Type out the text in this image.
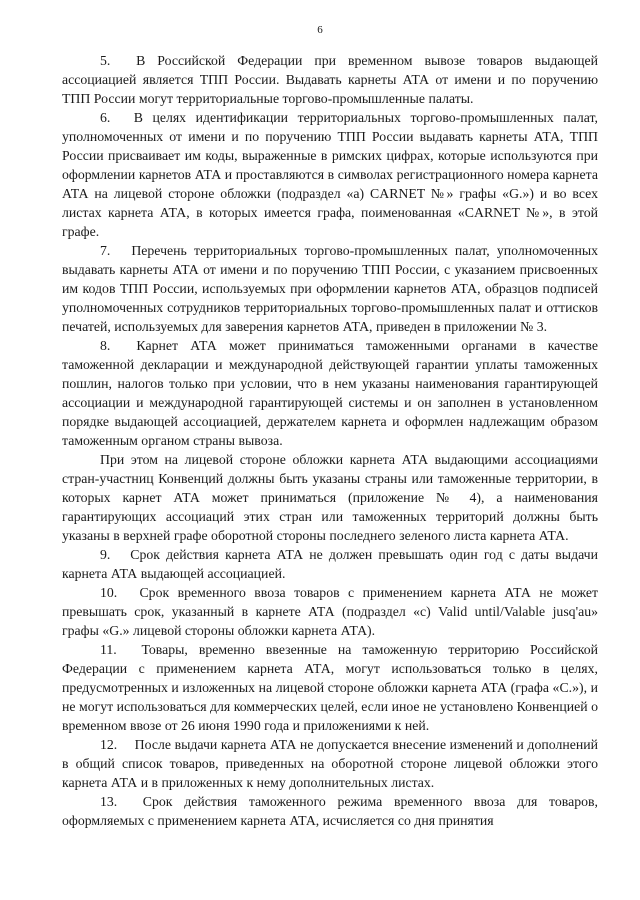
6

5.  В Российской Федерации при временном вывозе товаров выдающей ассоциацией является ТПП России. Выдавать карнеты АТА от имени и по поручению ТПП России могут территориальные торгово-промышленные палаты.

6.  В целях идентификации территориальных торгово-промышленных палат, уполномоченных от имени и по поручению ТПП России выдавать карнеты АТА, ТПП России присваивает им коды, выраженные в римских цифрах, которые используются при оформлении карнетов АТА и проставляются в символах регистрационного номера карнета АТА на лицевой стороне обложки (подраздел «а) CARNET №» графы «G.») и во всех листах карнета АТА, в которых имеется графа, поименованная «CARNET №», в этой графе.

7.  Перечень территориальных торгово-промышленных палат, уполномоченных выдавать карнеты АТА от имени и по поручению ТПП России, с указанием присвоенных им кодов ТПП России, используемых при оформлении карнетов АТА, образцов подписей уполномоченных сотрудников территориальных торгово-промышленных палат и оттисков печатей, используемых для заверения карнетов АТА, приведен в приложении № 3.

8.  Карнет АТА может приниматься таможенными органами в качестве таможенной декларации и международной действующей гарантии уплаты таможенных пошлин, налогов только при условии, что в нем указаны наименования гарантирующей ассоциации и международной гарантирующей системы и он заполнен в установленном порядке выдающей ассоциацией, держателем карнета и оформлен надлежащим образом таможенным органом страны вывоза.

При этом на лицевой стороне обложки карнета АТА выдающими ассоциациями стран-участниц Конвенций должны быть указаны страны или таможенные территории, в которых карнет АТА может приниматься (приложение № 4), а наименования гарантирующих ассоциаций этих стран или таможенных территорий должны быть указаны в верхней графе оборотной стороны последнего зеленого листа карнета АТА.

9.  Срок действия карнета АТА не должен превышать один год с даты выдачи карнета АТА выдающей ассоциацией.

10.  Срок временного ввоза товаров с применением карнета АТА не может превышать срок, указанный в карнете АТА (подраздел «с) Valid until/Valable jusq'au» графы «G.» лицевой стороны обложки карнета АТА).

11.  Товары, временно ввезенные на таможенную территорию Российской Федерации с применением карнета АТА, могут использоваться только в целях, предусмотренных и изложенных на лицевой стороне обложки карнета АТА (графа «С.»), и не могут использоваться для коммерческих целей, если иное не установлено Конвенцией о временном ввозе от 26 июня 1990 года и приложениями к ней.

12.  После выдачи карнета АТА не допускается внесение изменений и дополнений в общий список товаров, приведенных на оборотной стороне лицевой обложки этого карнета АТА и в приложенных к нему дополнительных листах.

13.  Срок действия таможенного режима временного ввоза для товаров, оформляемых с применением карнета АТА, исчисляется со дня принятия
